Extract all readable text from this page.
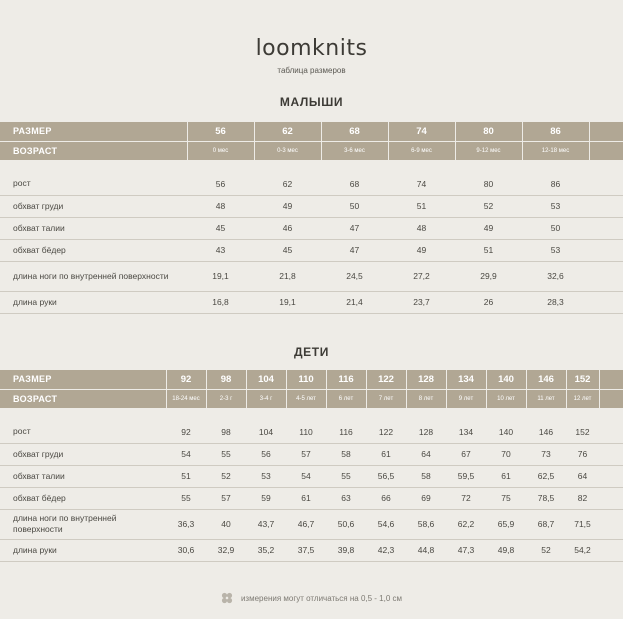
loomknits
таблица размеров
МАЛЫШИ
РАЗМЕР	56	62	68	74	80	86	
ВОЗРАСТ	0 мес	0-3 мес	3-6 мес	6-9 мес	9-12 мес	12-18 мес	

рост	56	62	68	74	80	86	
обхват груди	48	49	50	51	52	53	
обхват талии	45	46	47	48	49	50	
обхват бёдер	43	45	47	49	51	53	
длина ноги по внутренней поверхности	19,1	21,8	24,5	27,2	29,9	32,6	
длина руки	16,8	19,1	21,4	23,7	26	28,3	
ДЕТИ
РАЗМЕР	92	98	104	110	116	122	128	134	140	146	152	
ВОЗРАСТ	18-24 мес	2-3 г	3-4 г	4-5 лет	6 лет	7 лет	8 лет	9 лет	10 лет	11 лет	12 лет	

рост	92	98	104	110	116	122	128	134	140	146	152	
обхват груди	54	55	56	57	58	61	64	67	70	73	76	
обхват талии	51	52	53	54	55	56,5	58	59,5	61	62,5	64	
обхват бёдер	55	57	59	61	63	66	69	72	75	78,5	82	
длина ноги по внутренней поверхности	36,3	40	43,7	46,7	50,6	54,6	58,6	62,2	65,9	68,7	71,5	
длина руки	30,6	32,9	35,2	37,5	39,8	42,3	44,8	47,3	49,8	52	54,2	
измерения могут отличаться на 0,5 - 1,0 см
